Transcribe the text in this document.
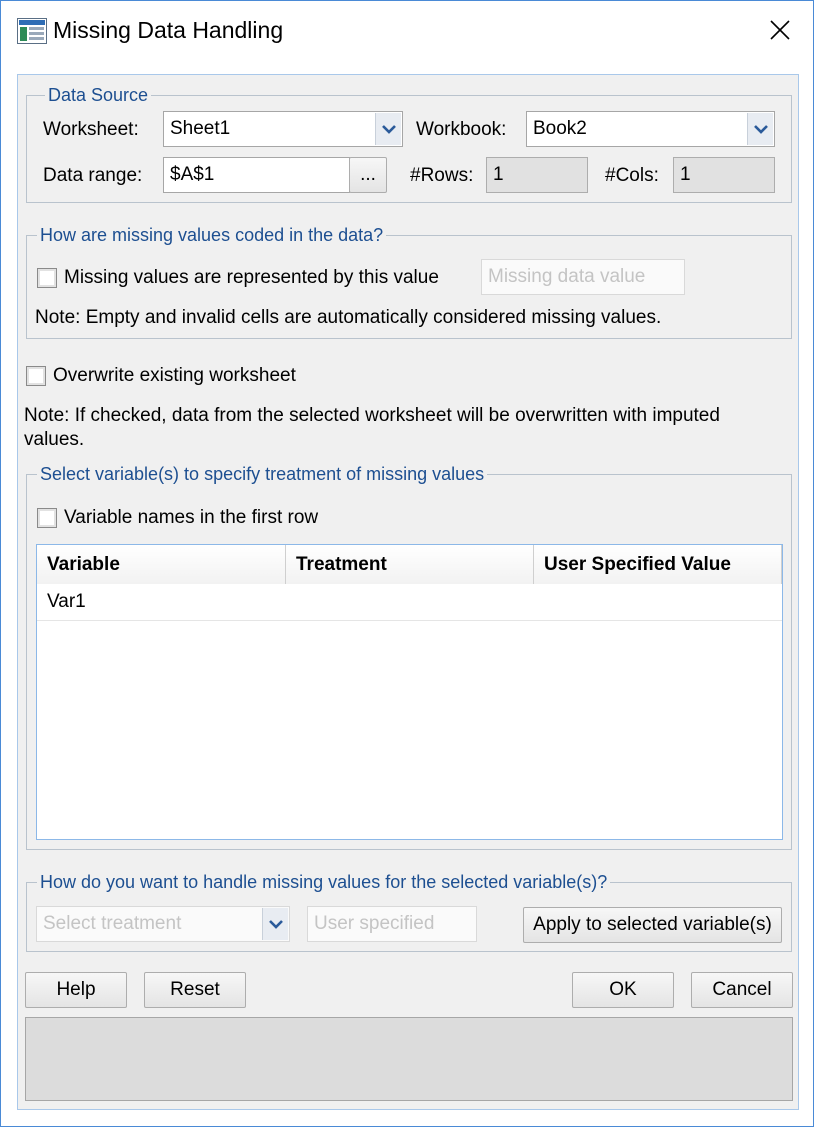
Missing Data Handling
Data Source
Worksheet: Sheet1	Workbook: Book2
Data range:	$A$1	...	#Rows:	1	#Cols:	1
How are missing values coded in the data?
Missing values are represented by this value	Missing data value
Note: Empty and invalid cells are automatically considered missing values.
Overwrite existing worksheet
Note: If checked, data from the selected worksheet will be overwritten with imputed
values.
Select variable(s) to specify treatment of missing values
Variable names in the first row
Variable	Treatment	User Specified Value
Var1
How do you want to handle missing values for the selected variable(s)?
Select treatment	User specified	Apply to selected variable(s)
Help	Reset	OK	Cancel
